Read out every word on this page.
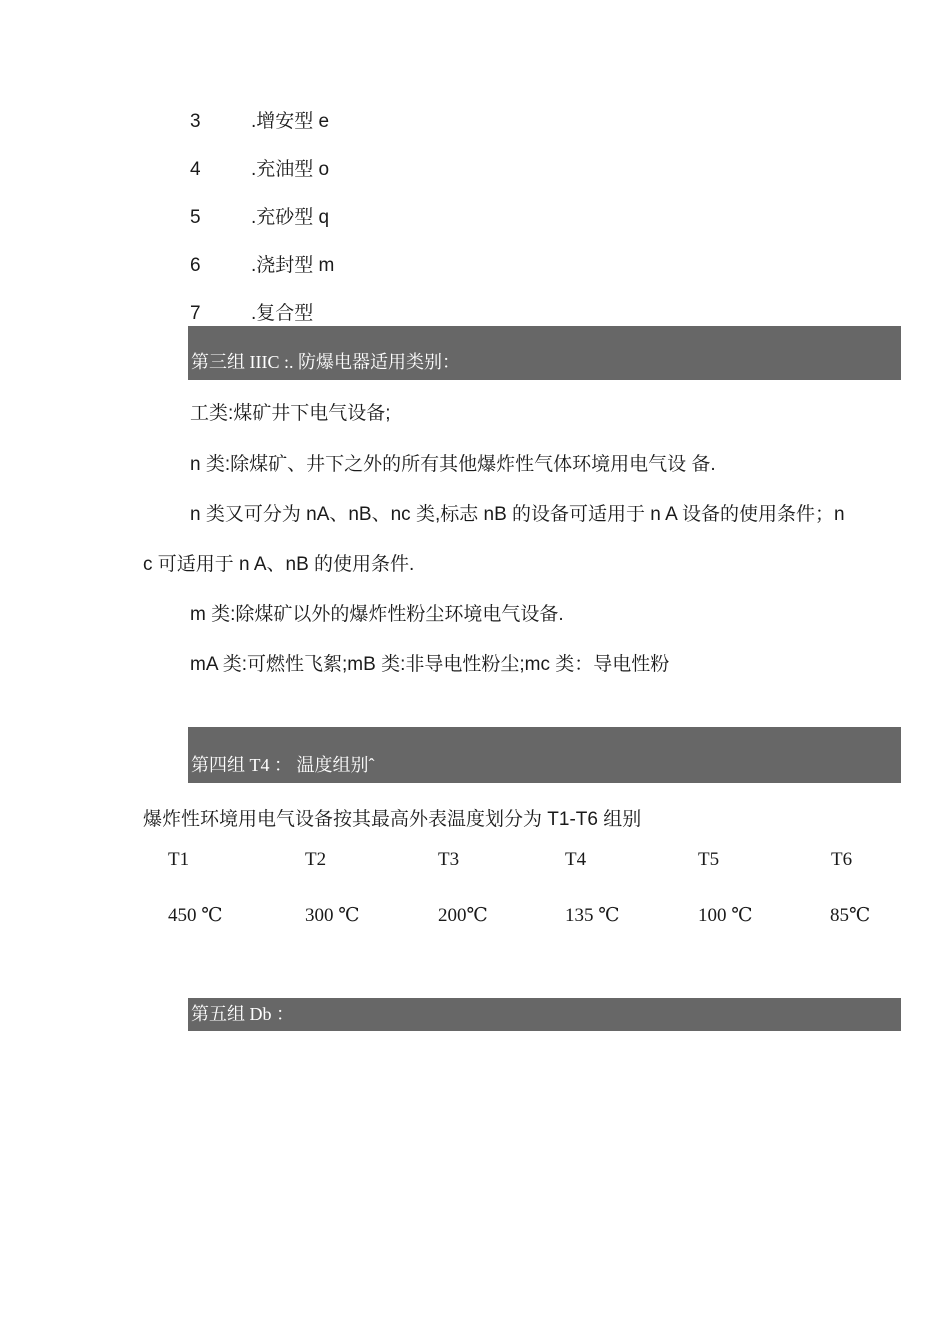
3	.增安型 e
4	.充油型 o
5	.充砂型 q
6	.浇封型 m
7	.复合型
第三组 IIIC :. 防爆电器适用类别：
工类:煤矿井下电气设备;
n 类:除煤矿、井下之外的所有其他爆炸性气体环境用电气设 备.
n 类又可分为 nA、nB、nc 类,标志 nB 的设备可适用于 n A 设备的使用条件；n
c 可适用于 n A、nB 的使用条件.
m 类:除煤矿以外的爆炸性粉尘环境电气设备.
mA 类:可燃性飞絮;mB 类:非导电性粉尘;mc 类：导电性粉
第四组 T4 ： 温度组别ˆ
爆炸性环境用电气设备按其最高外表温度划分为 T1-T6 组别
T1	T2	T3	T4	T5	T6
450 ℃	300 ℃	200℃	135 ℃	100 ℃	85℃
第五组 Db ：
